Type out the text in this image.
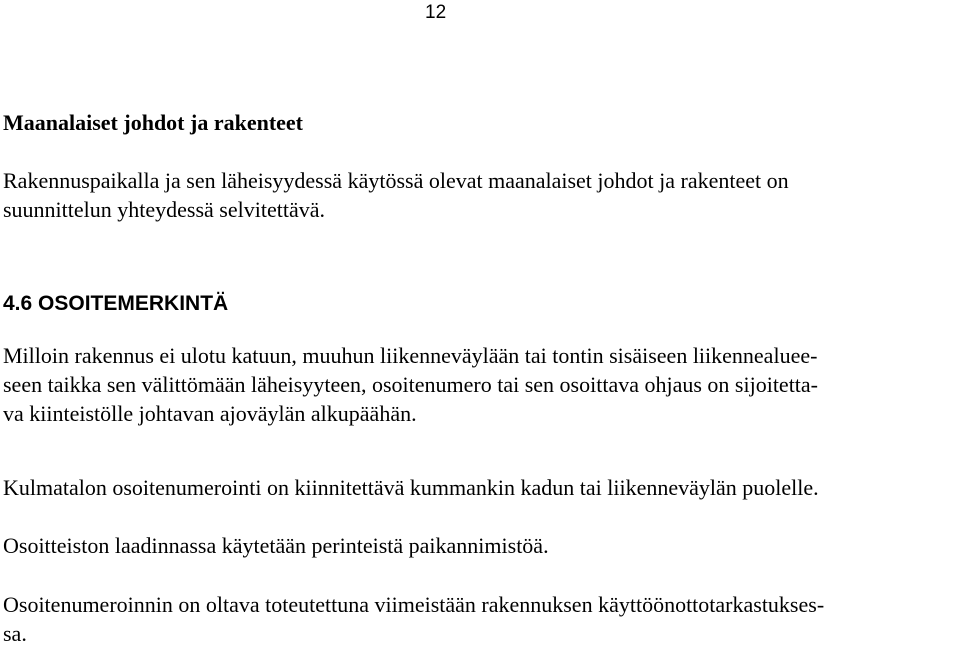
12
Maanalaiset johdot ja rakenteet
Rakennuspaikalla ja sen läheisyydessä käytössä olevat maanalaiset johdot ja rakenteet on
suunnittelun yhteydessä selvitettävä.
4.6 OSOITEMERKINTÄ
Milloin rakennus ei ulotu katuun, muuhun liikenneväylään tai tontin sisäiseen liikennealuee-
seen taikka sen välittömään läheisyyteen, osoitenumero tai sen osoittava ohjaus on sijoitetta-
va kiinteistölle johtavan ajoväylän alkupäähän.
Kulmatalon osoitenumerointi on kiinnitettävä kummankin kadun tai liikenneväylän puolelle.
Osoitteiston laadinnassa käytetään perinteistä paikannimistöä.
Osoitenumeroinnin on oltava toteutettuna viimeistään rakennuksen käyttöönottotarkastukses-
sa.
